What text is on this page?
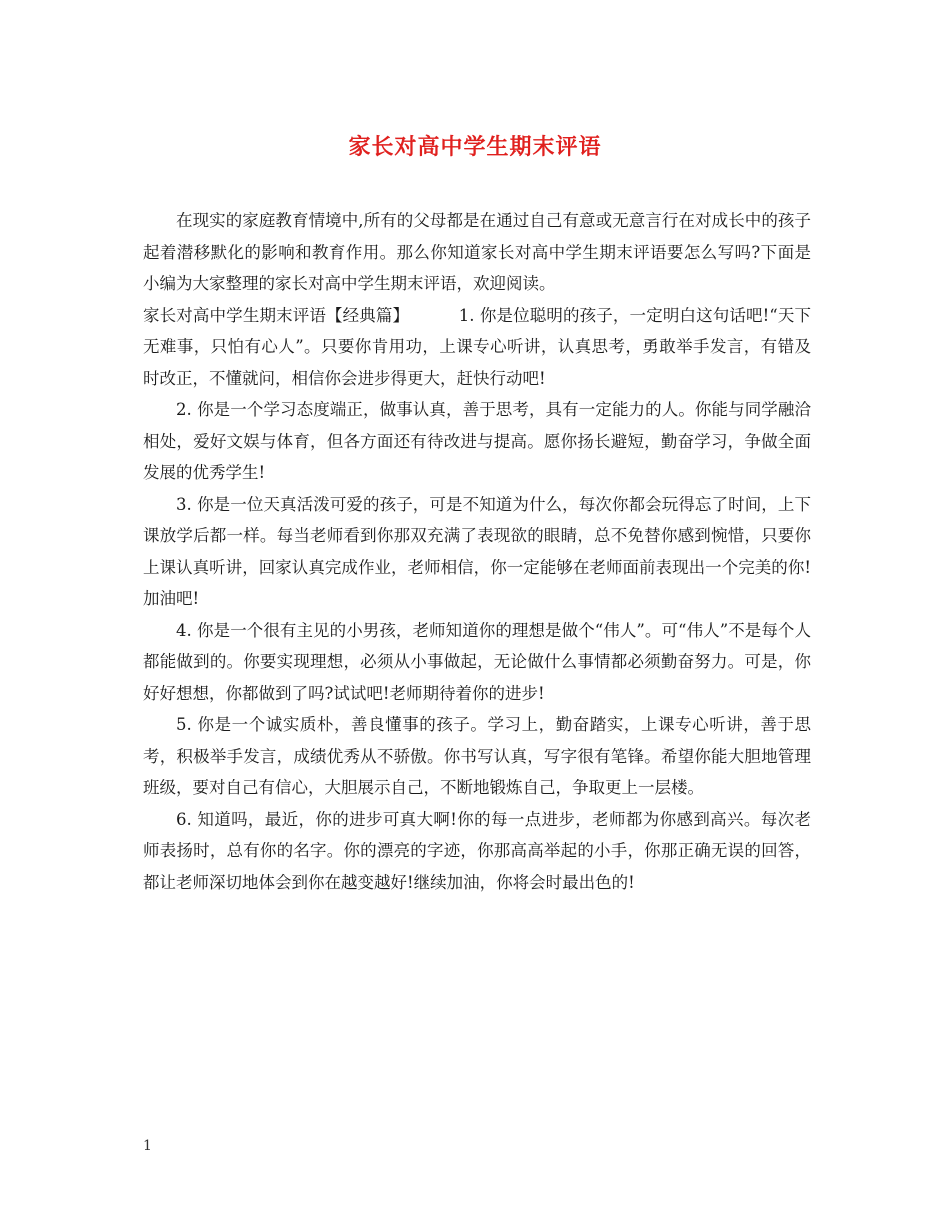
家长对高中学生期末评语

在现实的家庭教育情境中,所有的父母都是在通过自己有意或无意言行在对成长中的孩子起着潜移默化的影响和教育作用。那么你知道家长对高中学生期末评语要怎么写吗?下面是小编为大家整理的家长对高中学生期末评语，欢迎阅读。

家长对高中学生期末评语【经典篇】	1. 你是位聪明的孩子，一定明白这句话吧!“天下无难事，只怕有心人”。只要你肯用功，上课专心听讲，认真思考，勇敢举手发言，有错及时改正，不懂就问，相信你会进步得更大，赶快行动吧!

2. 你是一个学习态度端正，做事认真，善于思考，具有一定能力的人。你能与同学融洽相处，爱好文娱与体育，但各方面还有待改进与提高。愿你扬长避短，勤奋学习，争做全面发展的优秀学生!

3. 你是一位天真活泼可爱的孩子，可是不知道为什么，每次你都会玩得忘了时间，上下课放学后都一样。每当老师看到你那双充满了表现欲的眼睛，总不免替你感到惋惜，只要你上课认真听讲，回家认真完成作业，老师相信，你一定能够在老师面前表现出一个完美的你!加油吧!

4. 你是一个很有主见的小男孩，老师知道你的理想是做个“伟人”。可“伟人”不是每个人都能做到的。你要实现理想，必须从小事做起，无论做什么事情都必须勤奋努力。可是，你好好想想，你都做到了吗?试试吧!老师期待着你的进步!

5. 你是一个诚实质朴，善良懂事的孩子。学习上，勤奋踏实，上课专心听讲，善于思考，积极举手发言，成绩优秀从不骄傲。你书写认真，写字很有笔锋。希望你能大胆地管理班级，要对自己有信心，大胆展示自己，不断地锻炼自己，争取更上一层楼。

6. 知道吗，最近，你的进步可真大啊!你的每一点进步，老师都为你感到高兴。每次老师表扬时，总有你的名字。你的漂亮的字迹，你那高高举起的小手，你那正确无误的回答，都让老师深切地体会到你在越变越好!继续加油，你将会时最出色的!

1
